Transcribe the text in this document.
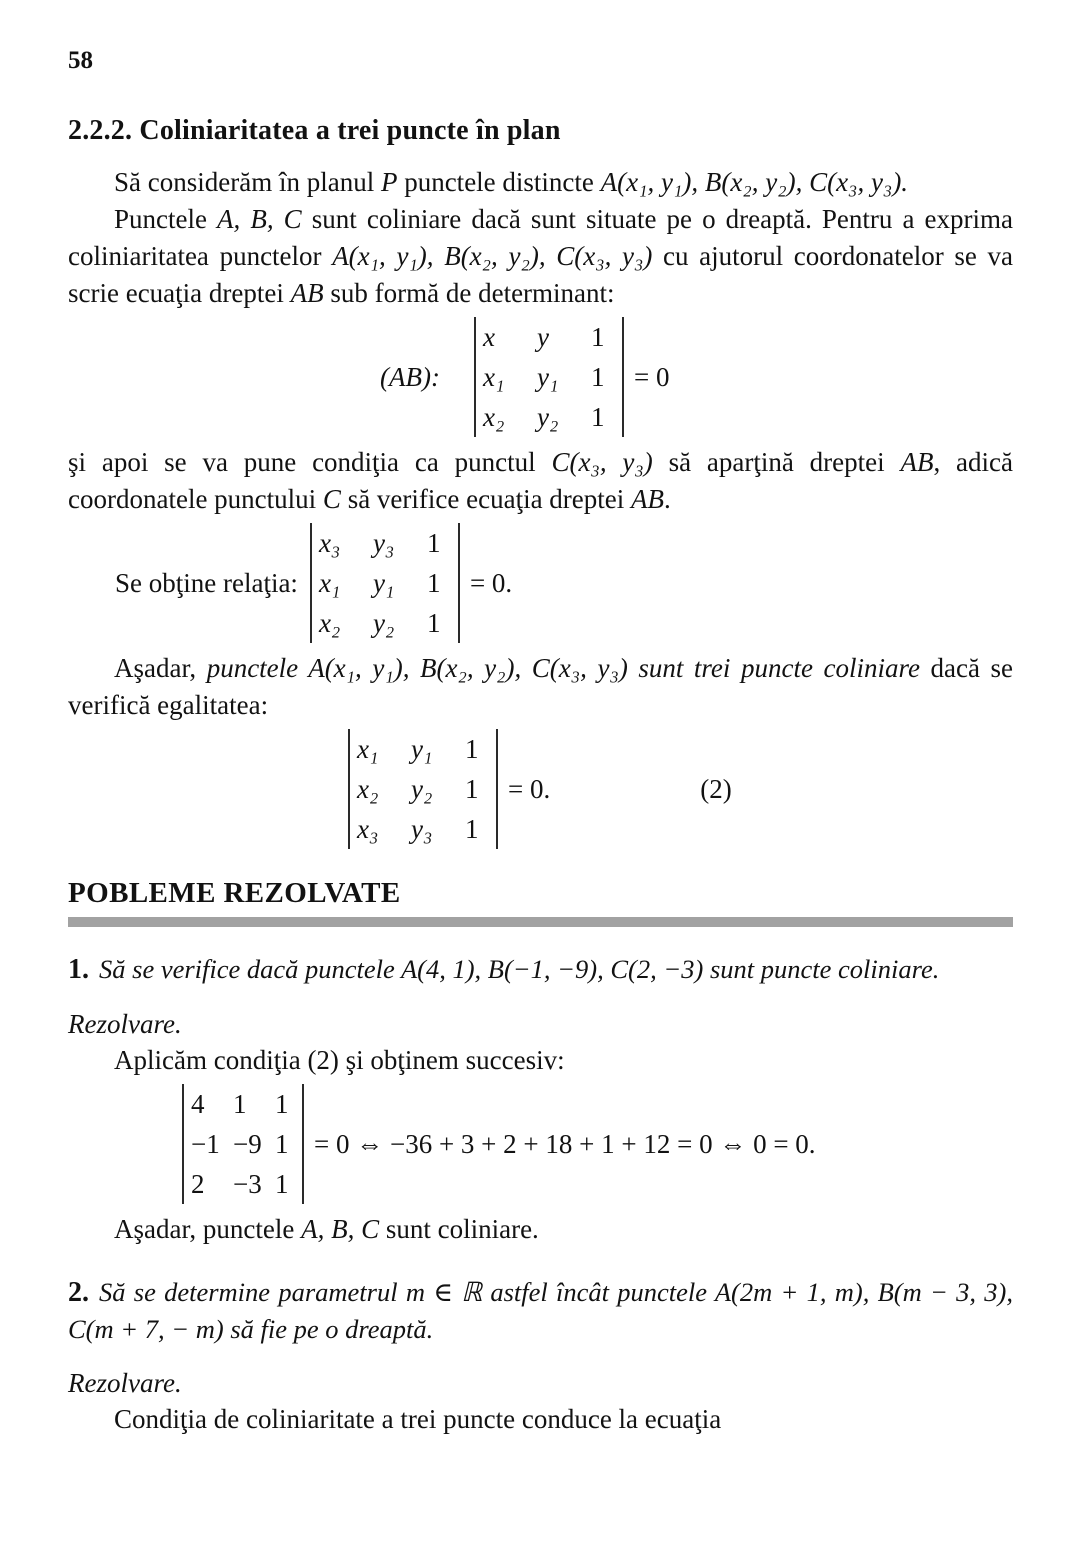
58
2.2.2. Coliniaritatea a trei puncte în plan

Să considerăm în planul P punctele distincte A(x₁, y₁), B(x₂, y₂), C(x₃, y₃).

Punctele A, B, C sunt coliniare dacă sunt situate pe o dreaptă. Pentru a exprima coliniaritatea punctelor A(x₁, y₁), B(x₂, y₂), C(x₃, y₃) cu ajutorul coordonatelor se va scrie ecuaţia dreptei AB sub formă de determinant:

(AB):
x	y	1
x₁	y₁	1
x₂	y₂	1
= 0

şi apoi se va pune condiţia ca punctul C(x₃, y₃) să aparţină dreptei AB, adică coordonatele punctului C să verifice ecuaţia dreptei AB.

Se obţine relaţia:
x₃	y₃	1
x₁	y₁	1
x₂	y₂	1
= 0.

Aşadar, punctele A(x₁, y₁), B(x₂, y₂), C(x₃, y₃) sunt trei puncte coliniare dacă se verifică egalitatea:

x₁	y₁	1
x₂	y₂	1
x₃	y₃	1
= 0.	(2)
POBLEME REZOLVATE

1. Să se verifice dacă punctele A(4, 1), B(−1, −9), C(2, −3) sunt puncte coliniare.

Rezolvare.

Aplicăm condiţia (2) şi obţinem succesiv:

4	1	1
−1 −9 1
2	−3 1
= 0 ⇔ −36 + 3 + 2 + 18 + 1 + 12 = 0 ⇔ 0 = 0.

Aşadar, punctele A, B, C sunt coliniare.

2. Să se determine parametrul m ∈ ℝ astfel încât punctele A(2m + 1, m), B(m − 3, 3), C(m + 7, − m) să fie pe o dreaptă.

Rezolvare.

Condiţia de coliniaritate a trei puncte conduce la ecuaţia
